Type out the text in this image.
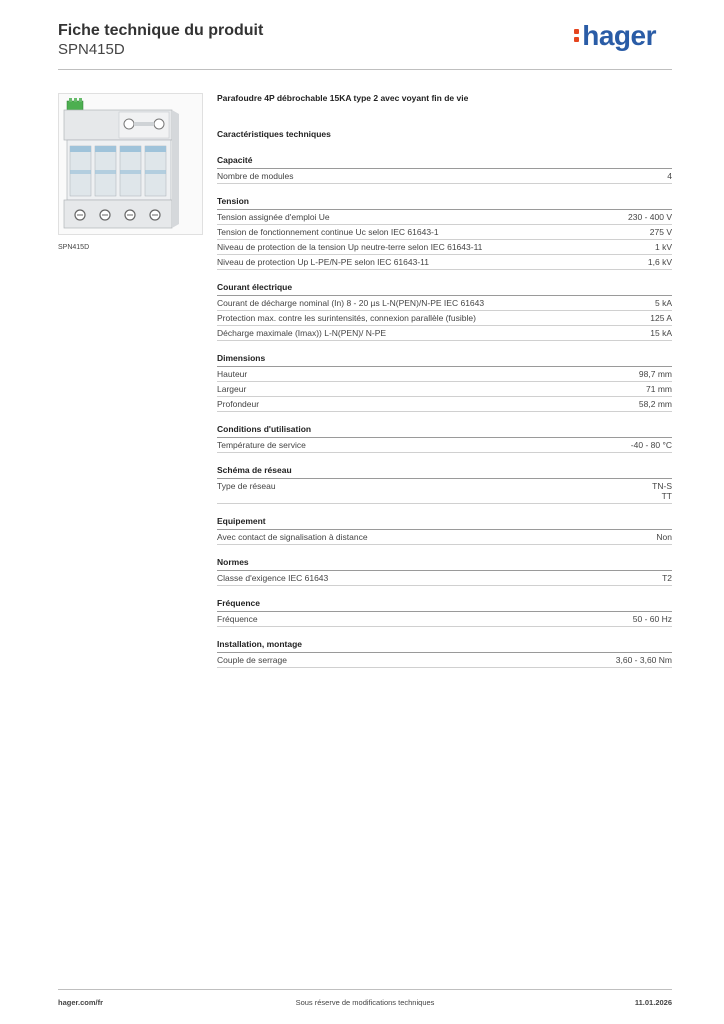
Fiche technique du produit
SPN415D	hager
SPN415D
Parafoudre 4P débrochable 15KA type 2 avec voyant fin de vie
Caractéristiques techniques
Capacité
Nombre de modules	4
Tension
Tension assignée d'emploi Ue	230 - 400 V
Tension de fonctionnement continue Uc selon IEC 61643-1	275 V
Niveau de protection de la tension Up neutre-terre selon IEC 61643-11	1 kV
Niveau de protection Up L-PE/N-PE selon IEC 61643-11	1,6 kV
Courant électrique
Courant de décharge nominal (In) 8 - 20 µs L-N(PEN)/N-PE IEC 61643	5 kA
Protection max. contre les surintensités, connexion parallèle (fusible)	125 A
Décharge maximale (Imax)) L-N(PEN)/ N-PE	15 kA
Dimensions
Hauteur	98,7 mm
Largeur	71 mm
Profondeur	58,2 mm
Conditions d'utilisation
Température de service	-40 - 80 °C
Schéma de réseau
Type de réseau	TN-S
TT
Equipement
Avec contact de signalisation à distance	Non
Normes
Classe d'exigence IEC 61643	T2
Fréquence
Fréquence	50 - 60 Hz
Installation, montage
Couple de serrage	3,60 - 3,60 Nm
hager.com/fr	Sous réserve de modifications techniques	11.01.2026
